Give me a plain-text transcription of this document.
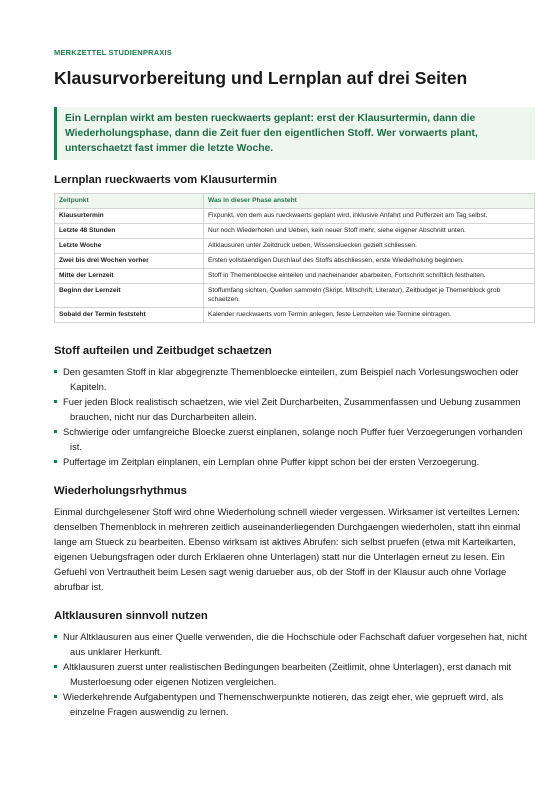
MERKZETTEL STUDIENPRAXIS
Klausurvorbereitung und Lernplan auf drei Seiten
Ein Lernplan wirkt am besten rueckwaerts geplant: erst der Klausurtermin, dann die Wiederholungsphase, dann die Zeit fuer den eigentlichen Stoff. Wer vorwaerts plant, unterschaetzt fast immer die letzte Woche.
Lernplan rueckwaerts vom Klausurtermin
Zeitpunkt	Was in dieser Phase ansteht
Klausurtermin	Fixpunkt, von dem aus rueckwaerts geplant wird, inklusive Anfahrt und Pufferzeit am Tag selbst.
Letzte 48 Stunden	Nur noch Wiederholen und Ueben, kein neuer Stoff mehr, siehe eigener Abschnitt unten.
Letzte Woche	Altklausuren unter Zeitdruck ueben, Wissensluecken gezielt schliessen.
Zwei bis drei Wochen vorher	Ersten vollstaendigen Durchlauf des Stoffs abschliessen, erste Wiederholung beginnen.
Mitte der Lernzeit	Stoff in Themenbloecke einteilen und nacheinander abarbeiten, Fortschritt schriftlich festhalten.
Beginn der Lernzeit	Stoffumfang sichten, Quellen sammeln (Skript, Mitschrift, Literatur), Zeitbudget je Themenblock grob schaetzen.
Sobald der Termin feststeht	Kalender rueckwaerts vom Termin anlegen, feste Lernzeiten wie Termine eintragen.
Stoff aufteilen und Zeitbudget schaetzen
Den gesamten Stoff in klar abgegrenzte Themenbloecke einteilen, zum Beispiel nach Vorlesungswochen oder Kapiteln.
Fuer jeden Block realistisch schaetzen, wie viel Zeit Durcharbeiten, Zusammenfassen und Uebung zusammen brauchen, nicht nur das Durcharbeiten allein.
Schwierige oder umfangreiche Bloecke zuerst einplanen, solange noch Puffer fuer Verzoegerungen vorhanden ist.
Puffertage im Zeitplan einplanen, ein Lernplan ohne Puffer kippt schon bei der ersten Verzoegerung.
Wiederholungsrhythmus

Einmal durchgelesener Stoff wird ohne Wiederholung schnell wieder vergessen. Wirksamer ist verteiltes Lernen: denselben Themenblock in mehreren zeitlich auseinanderliegenden Durchgaengen wiederholen, statt ihn einmal lange am Stueck zu bearbeiten. Ebenso wirksam ist aktives Abrufen: sich selbst pruefen (etwa mit Karteikarten, eigenen Uebungsfragen oder durch Erklaeren ohne Unterlagen) statt nur die Unterlagen erneut zu lesen. Ein Gefuehl von Vertrautheit beim Lesen sagt wenig darueber aus, ob der Stoff in der Klausur auch ohne Vorlage abrufbar ist.

Altklausuren sinnvoll nutzen
Nur Altklausuren aus einer Quelle verwenden, die die Hochschule oder Fachschaft dafuer vorgesehen hat, nicht aus unklarer Herkunft.
Altklausuren zuerst unter realistischen Bedingungen bearbeiten (Zeitlimit, ohne Unterlagen), erst danach mit Musterloesung oder eigenen Notizen vergleichen.
Wiederkehrende Aufgabentypen und Themenschwerpunkte notieren, das zeigt eher, wie geprueft wird, als einzelne Fragen auswendig zu lernen.
